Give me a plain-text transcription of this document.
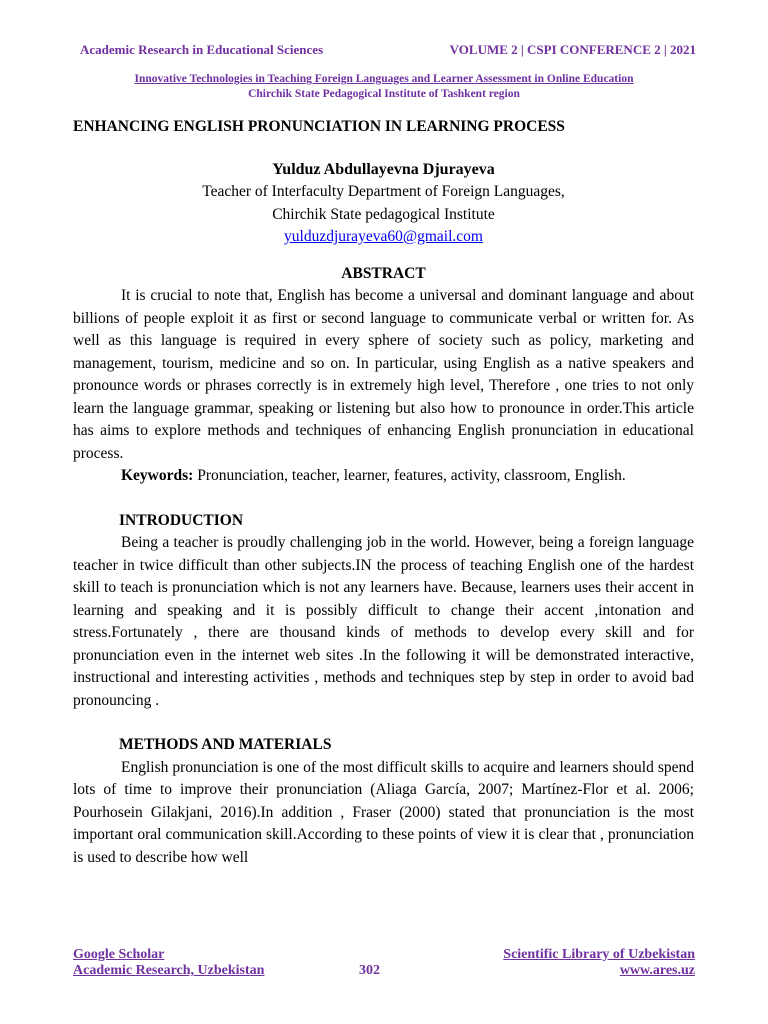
Academic Research in Educational Sciences	VOLUME 2 | CSPI CONFERENCE 2 | 2021
Innovative Technologies in Teaching Foreign Languages and Learner Assessment in Online Education
Chirchik State Pedagogical Institute of Tashkent region

ENHANCING ENGLISH PRONUNCIATION IN LEARNING PROCESS

Yulduz Abdullayevna Djurayeva

Teacher of Interfaculty Department of Foreign Languages,

Chirchik State pedagogical Institute

yulduzdjurayeva60@gmail.com

ABSTRACT

It is crucial to note that, English has become a universal and dominant language and about billions of people exploit it as first or second language to communicate verbal or written for. As well as this language is required in every sphere of society such as policy, marketing and management, tourism, medicine and so on. In particular, using English as a native speakers and pronounce words or phrases correctly is in extremely high level, Therefore , one tries to not only learn the language grammar, speaking or listening but also how to pronounce in order.This article has aims to explore methods and techniques of enhancing English pronunciation in educational process.

Keywords: Pronunciation, teacher, learner, features, activity, classroom, English.

INTRODUCTION

Being a teacher is proudly challenging job in the world. However, being a foreign language teacher in twice difficult than other subjects.IN the process of teaching English one of the hardest skill to teach is pronunciation which is not any learners have. Because, learners uses their accent in learning and speaking and it is possibly difficult to change their accent ,intonation and stress.Fortunately , there are thousand kinds of methods to develop every skill and for pronunciation even in the internet web sites .In the following it will be demonstrated interactive, instructional and interesting activities , methods and techniques step by step in order to avoid bad pronouncing .

METHODS AND MATERIALS

English pronunciation is one of the most difficult skills to acquire and learners should spend lots of time to improve their pronunciation (Aliaga García, 2007; Martínez-Flor et al. 2006; Pourhosein Gilakjani, 2016).In addition , Fraser (2000) stated that pronunciation is the most important oral communication skill.According to these points of view it is clear that , pronunciation is used to describe how well

Google Scholar	Scientific Library of Uzbekistan
Academic Research, Uzbekistan	302	www.ares.uz
